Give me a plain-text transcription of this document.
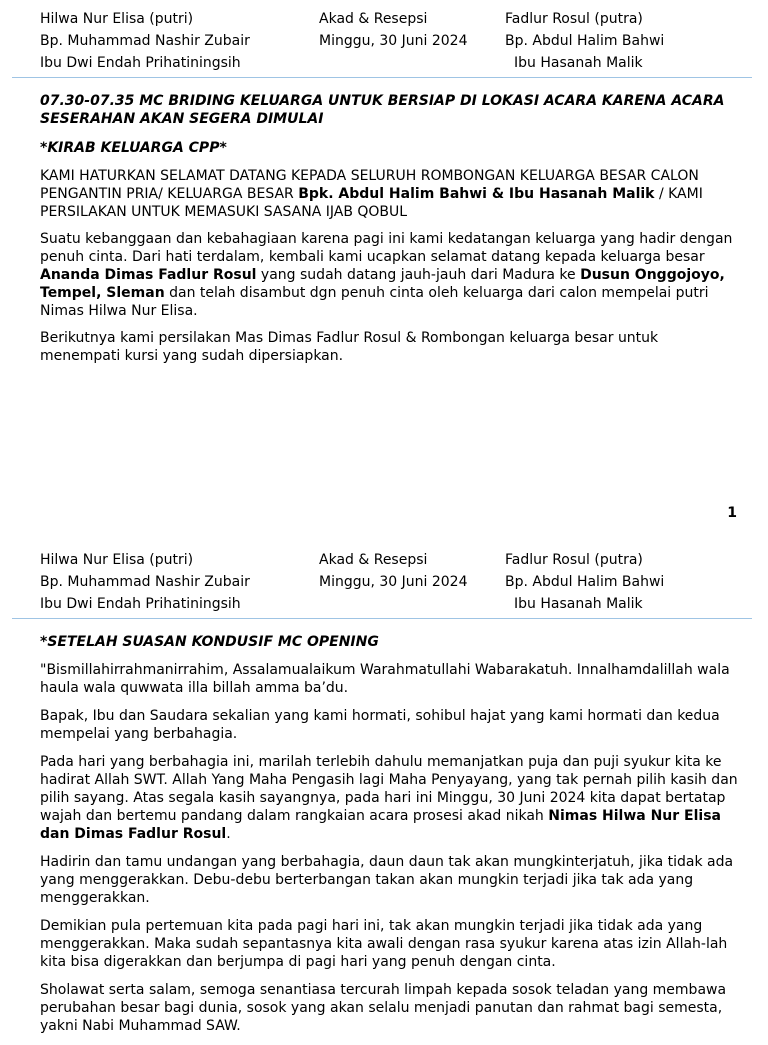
Hilwa Nur Elisa (putri)
Bp. Muhammad Nashir Zubair
Ibu Dwi Endah Prihatiningsih
Akad & Resepsi
Minggu, 30 Juni 2024
Fadlur Rosul (putra)
Bp. Abdul Halim Bahwi
Ibu Hasanah Malik
07.30-07.35 MC BRIDING KELUARGA UNTUK BERSIAP DI LOKASI ACARA KARENA ACARA SESERAHAN AKAN SEGERA DIMULAI
*KIRAB KELUARGA CPP*
KAMI HATURKAN SELAMAT DATANG KEPADA SELURUH ROMBONGAN KELUARGA BESAR CALON PENGANTIN PRIA/ KELUARGA BESAR Bpk. Abdul Halim Bahwi & Ibu Hasanah Malik / KAMI PERSILAKAN UNTUK MEMASUKI SASANA IJAB QOBUL
Suatu kebanggaan dan kebahagiaan karena pagi ini kami kedatangan keluarga yang hadir dengan penuh cinta. Dari hati terdalam, kembali kami ucapkan selamat datang kepada keluarga besar Ananda Dimas Fadlur Rosul yang sudah datang jauh-jauh dari Madura ke Dusun Onggojoyo, Tempel, Sleman dan telah disambut dgn penuh cinta oleh keluarga dari calon mempelai putri Nimas Hilwa Nur Elisa.
Berikutnya kami persilakan Mas Dimas Fadlur Rosul & Rombongan keluarga besar untuk menempati kursi yang sudah dipersiapkan.
1
Hilwa Nur Elisa (putri)
Bp. Muhammad Nashir Zubair
Ibu Dwi Endah Prihatiningsih
Akad & Resepsi
Minggu, 30 Juni 2024
Fadlur Rosul (putra)
Bp. Abdul Halim Bahwi
Ibu Hasanah Malik
*SETELAH SUASAN KONDUSIF MC OPENING
"Bismillahirrahmanirrahim, Assalamualaikum Warahmatullahi Wabarakatuh. Innalhamdalillah wala haula wala quwwata illa billah amma ba’du.
Bapak, Ibu dan Saudara sekalian yang kami hormati, sohibul hajat yang kami hormati dan kedua mempelai yang berbahagia.
Pada hari yang berbahagia ini, marilah terlebih dahulu memanjatkan puja dan puji syukur kita ke hadirat Allah SWT. Allah Yang Maha Pengasih lagi Maha Penyayang, yang tak pernah pilih kasih dan pilih sayang. Atas segala kasih sayangnya, pada hari ini Minggu, 30 Juni 2024 kita dapat bertatap wajah dan bertemu pandang dalam rangkaian acara prosesi akad nikah Nimas Hilwa Nur Elisa dan Dimas Fadlur Rosul.
Hadirin dan tamu undangan yang berbahagia, daun daun tak akan mungkinterjatuh, jika tidak ada yang menggerakkan. Debu-debu berterbangan takan akan mungkin terjadi jika tak ada yang menggerakkan.
Demikian pula pertemuan kita pada pagi hari ini, tak akan mungkin terjadi jika tidak ada yang menggerakkan. Maka sudah sepantasnya kita awali dengan rasa syukur karena atas izin Allah-lah kita bisa digerakkan dan berjumpa di pagi hari yang penuh dengan cinta.
Sholawat serta salam, semoga senantiasa tercurah limpah kepada sosok teladan yang membawa perubahan besar bagi dunia, sosok yang akan selalu menjadi panutan dan rahmat bagi semesta, yakni Nabi Muhammad SAW.
